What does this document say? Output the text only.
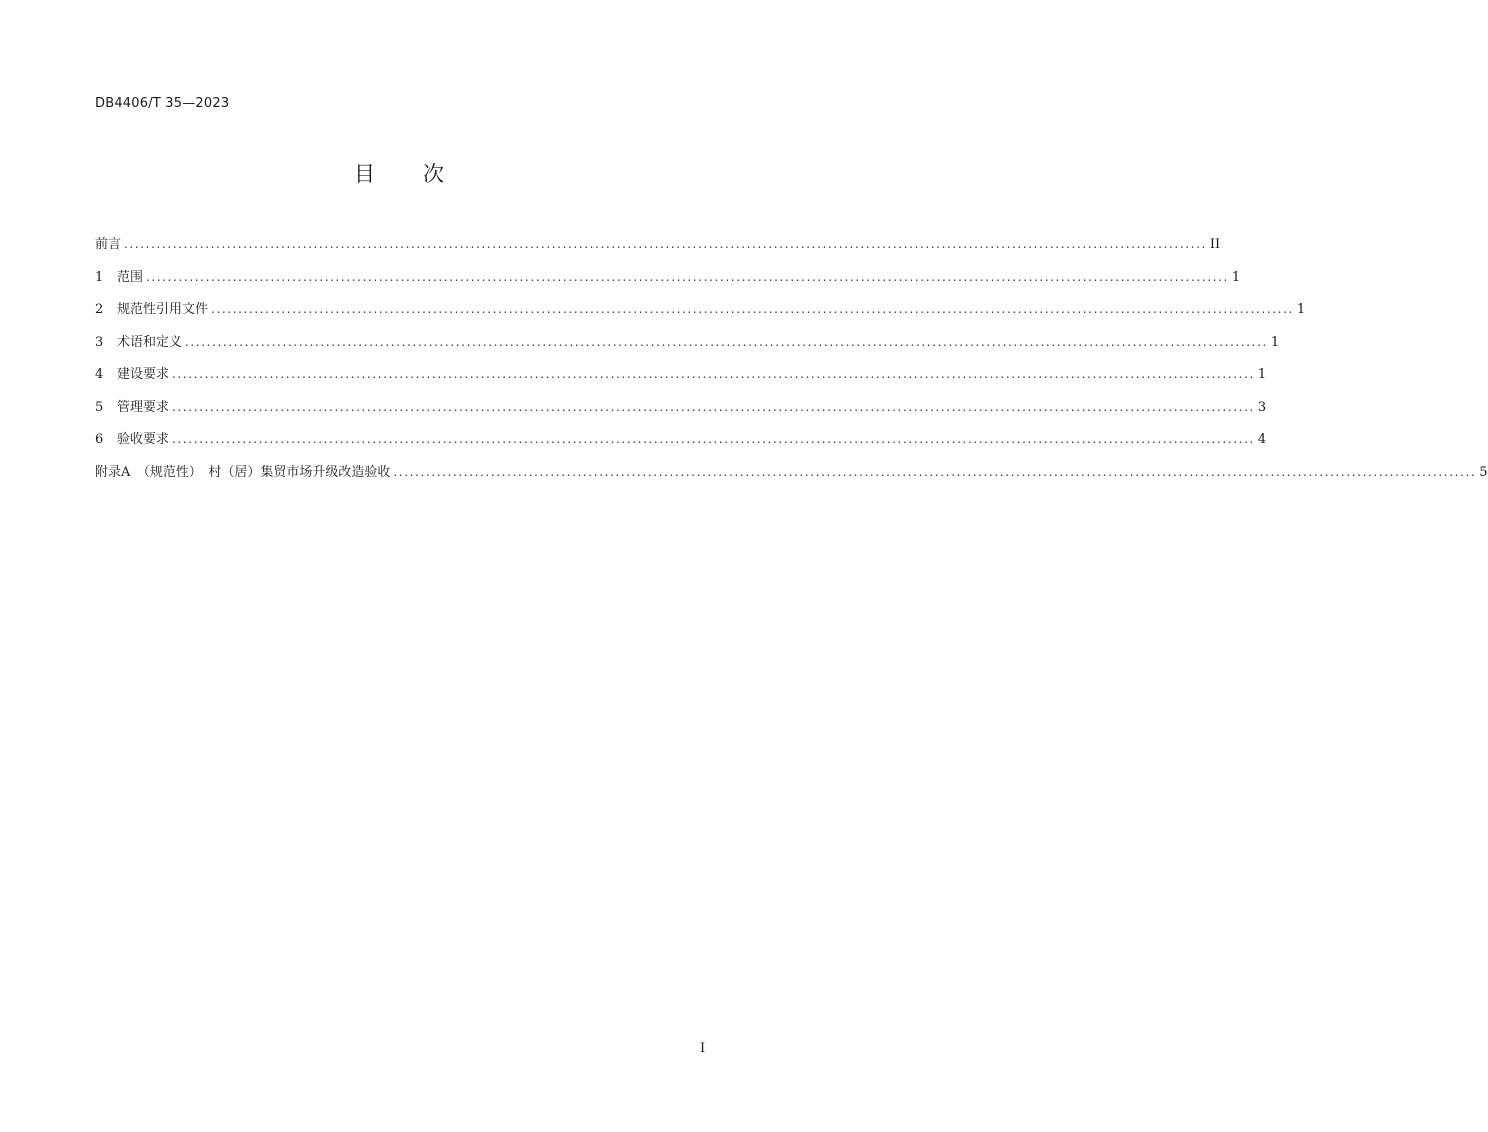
DB4406/T 35—2023
目　　次
前言 ........................................................................................................................................................................................................ II
1	范围 ........................................................................................................................................................................................................ 1
2	规范性引用文件 ........................................................................................................................................................................................................ 1
3	术语和定义 ........................................................................................................................................................................................................ 1
4	建设要求 ........................................................................................................................................................................................................ 1
5	管理要求 ........................................................................................................................................................................................................ 3
6	验收要求 ........................................................................................................................................................................................................ 4
附录A　（规范性）　村（居）集贸市场升级改造验收 ........................................................................................................................................................................................................ 5
I
